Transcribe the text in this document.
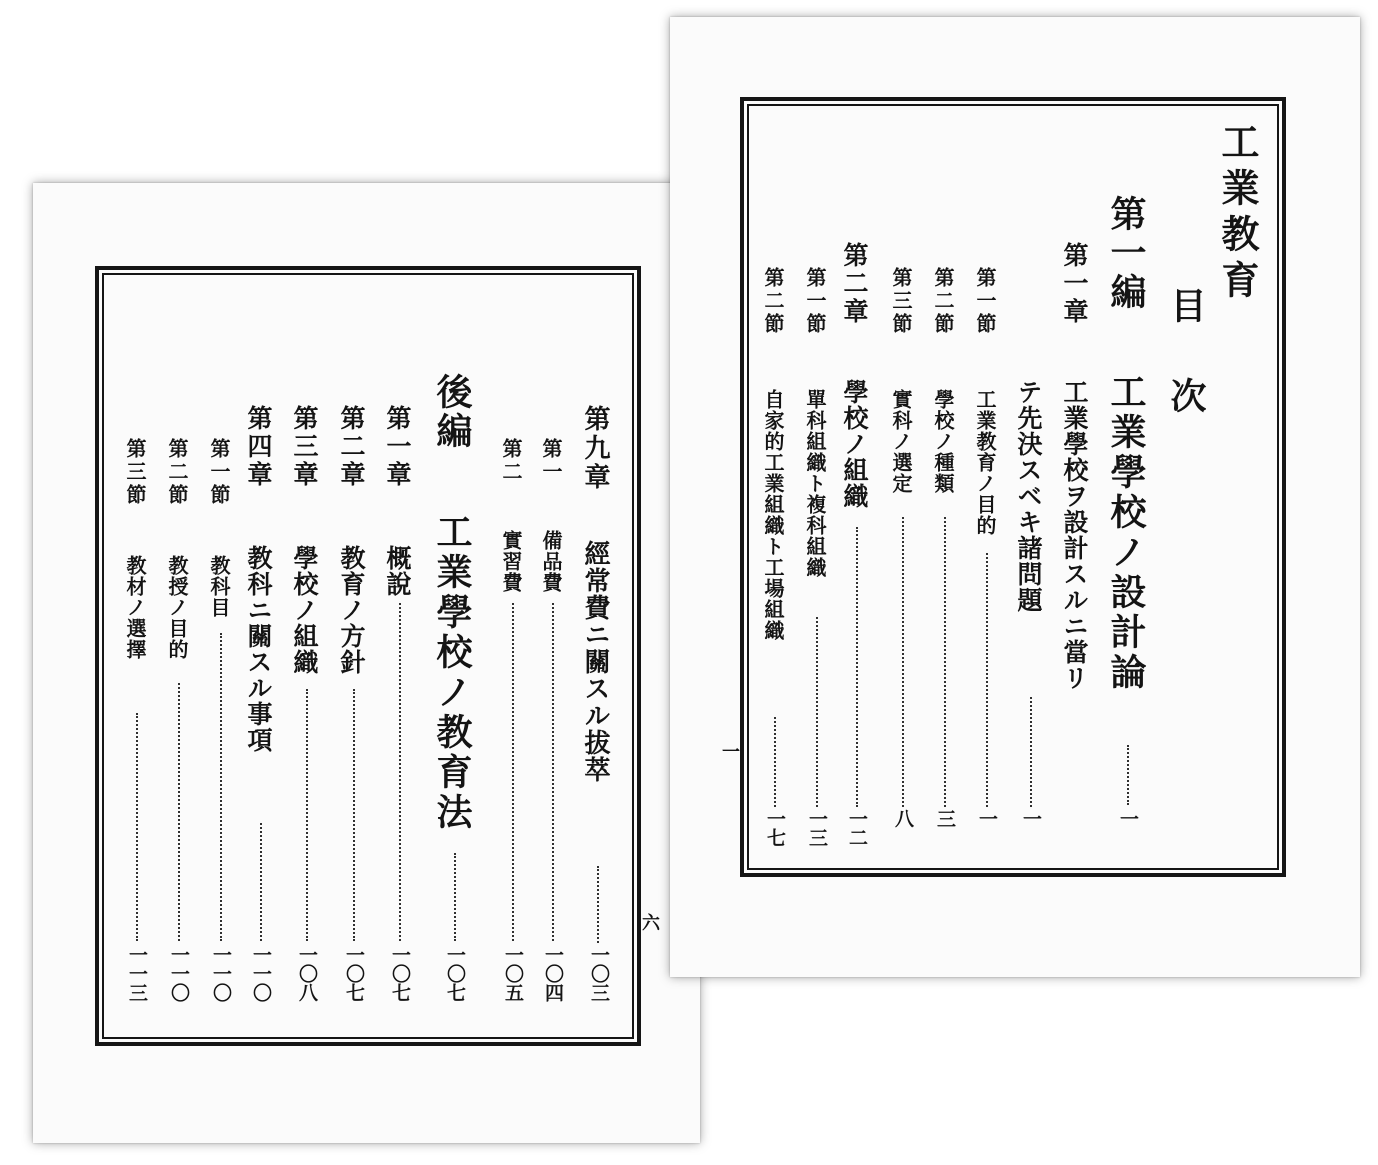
六
第九章
經常費ニ關スル拔萃
一〇三
第一
備品費
一〇四
第二
實習費
一〇五
後編
工業學校ノ教育法
一〇七
第一章
概說
一〇七
第二章
教育ノ方針
一〇七
第三章
學校ノ組織
一〇八
第四章
教科ニ關スル事項
一一〇
第一節
教科目
一一〇
第二節
教授ノ目的
一一〇
第三節
教材ノ選擇
一一三
一
工業教育
目次
第一編
工業學校ノ設計論
一
第一章
工業學校ヲ設計スルニ當リ
テ先決スベキ諸問題
一
第一節
工業教育ノ目的
一
第二節
學校ノ種類
三
第三節
實科ノ選定
八
第二章
學校ノ組織
一二
第一節
單科組織ト複科組織
一三
第二節
自家的工業組織ト工場組織
一七
